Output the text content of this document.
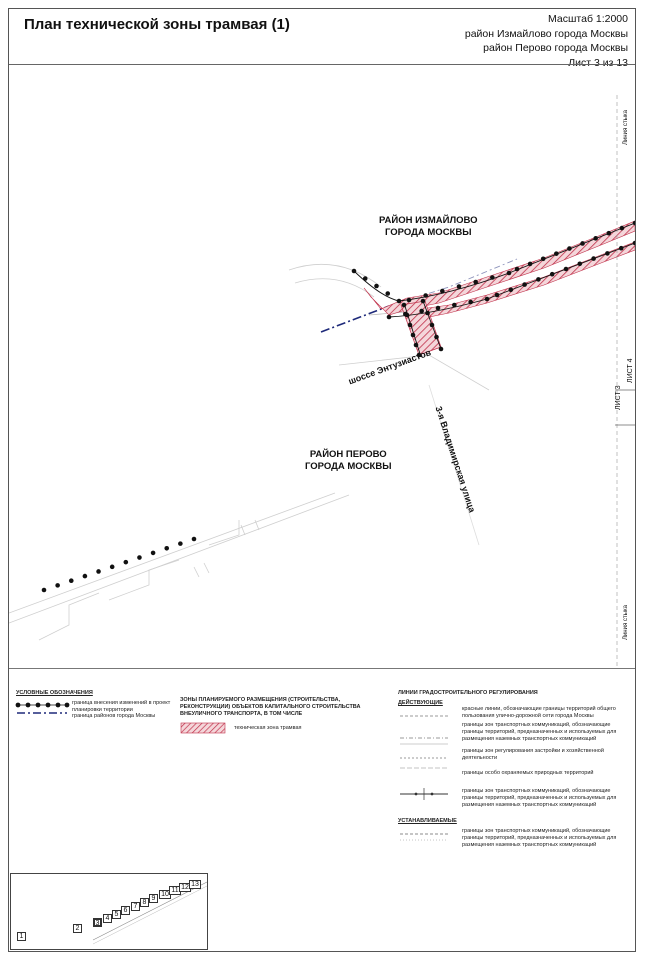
План технической зоны трамвая (1)	Масштаб 1:2000
район Измайлово города Москвы
район Перово города Москвы
Лист 3 из 13
РАЙОН ИЗМАЙЛОВО
ГОРОДА МОСКВЫ
РАЙОН ПЕРОВО
ГОРОДА МОСКВЫ
шоссе Энтузиастов
3-я Владимирская улица
Линия стыка
Линия стыка
ЛИСТ 3
ЛИСТ 4
УСЛОВНЫЕ ОБОЗНАЧЕНИЯ
граница внесения изменений в проект планировки территории
граница районов города Москвы
ЗОНЫ ПЛАНИРУЕМОГО РАЗМЕЩЕНИЯ (СТРОИТЕЛЬСТВА, РЕКОНСТРУКЦИИ) ОБЪЕКТОВ КАПИТАЛЬНОГО СТРОИТЕЛЬСТВА ВНЕУЛИЧНОГО ТРАНСПОРТА, В ТОМ ЧИСЛЕ
техническая зона трамвая
ЛИНИИ ГРАДОСТРОИТЕЛЬНОГО РЕГУЛИРОВАНИЯ
ДЕЙСТВУЮЩИЕ
красные линии, обозначающие границы территорий общего пользования улично-дорожной сети города Москвы
границы зон транспортных коммуникаций, обозначающие границы территорий, предназначенных и используемых для размещения наземных транспортных коммуникаций
границы зон регулирования застройки и хозяйственной деятельности
границы особо охраняемых природных территорий
границы зон транспортных коммуникаций, обозначающие границы территорий, предназначенных и используемых для размещения наземных транспортных коммуникаций
УСТАНАВЛИВАЕМЫЕ
границы зон транспортных коммуникаций, обозначающие границы территорий, предназначенных и используемых для размещения наземных транспортных коммуникаций
1
2
3
4
5
6
7
8
9
10
11 12 13
